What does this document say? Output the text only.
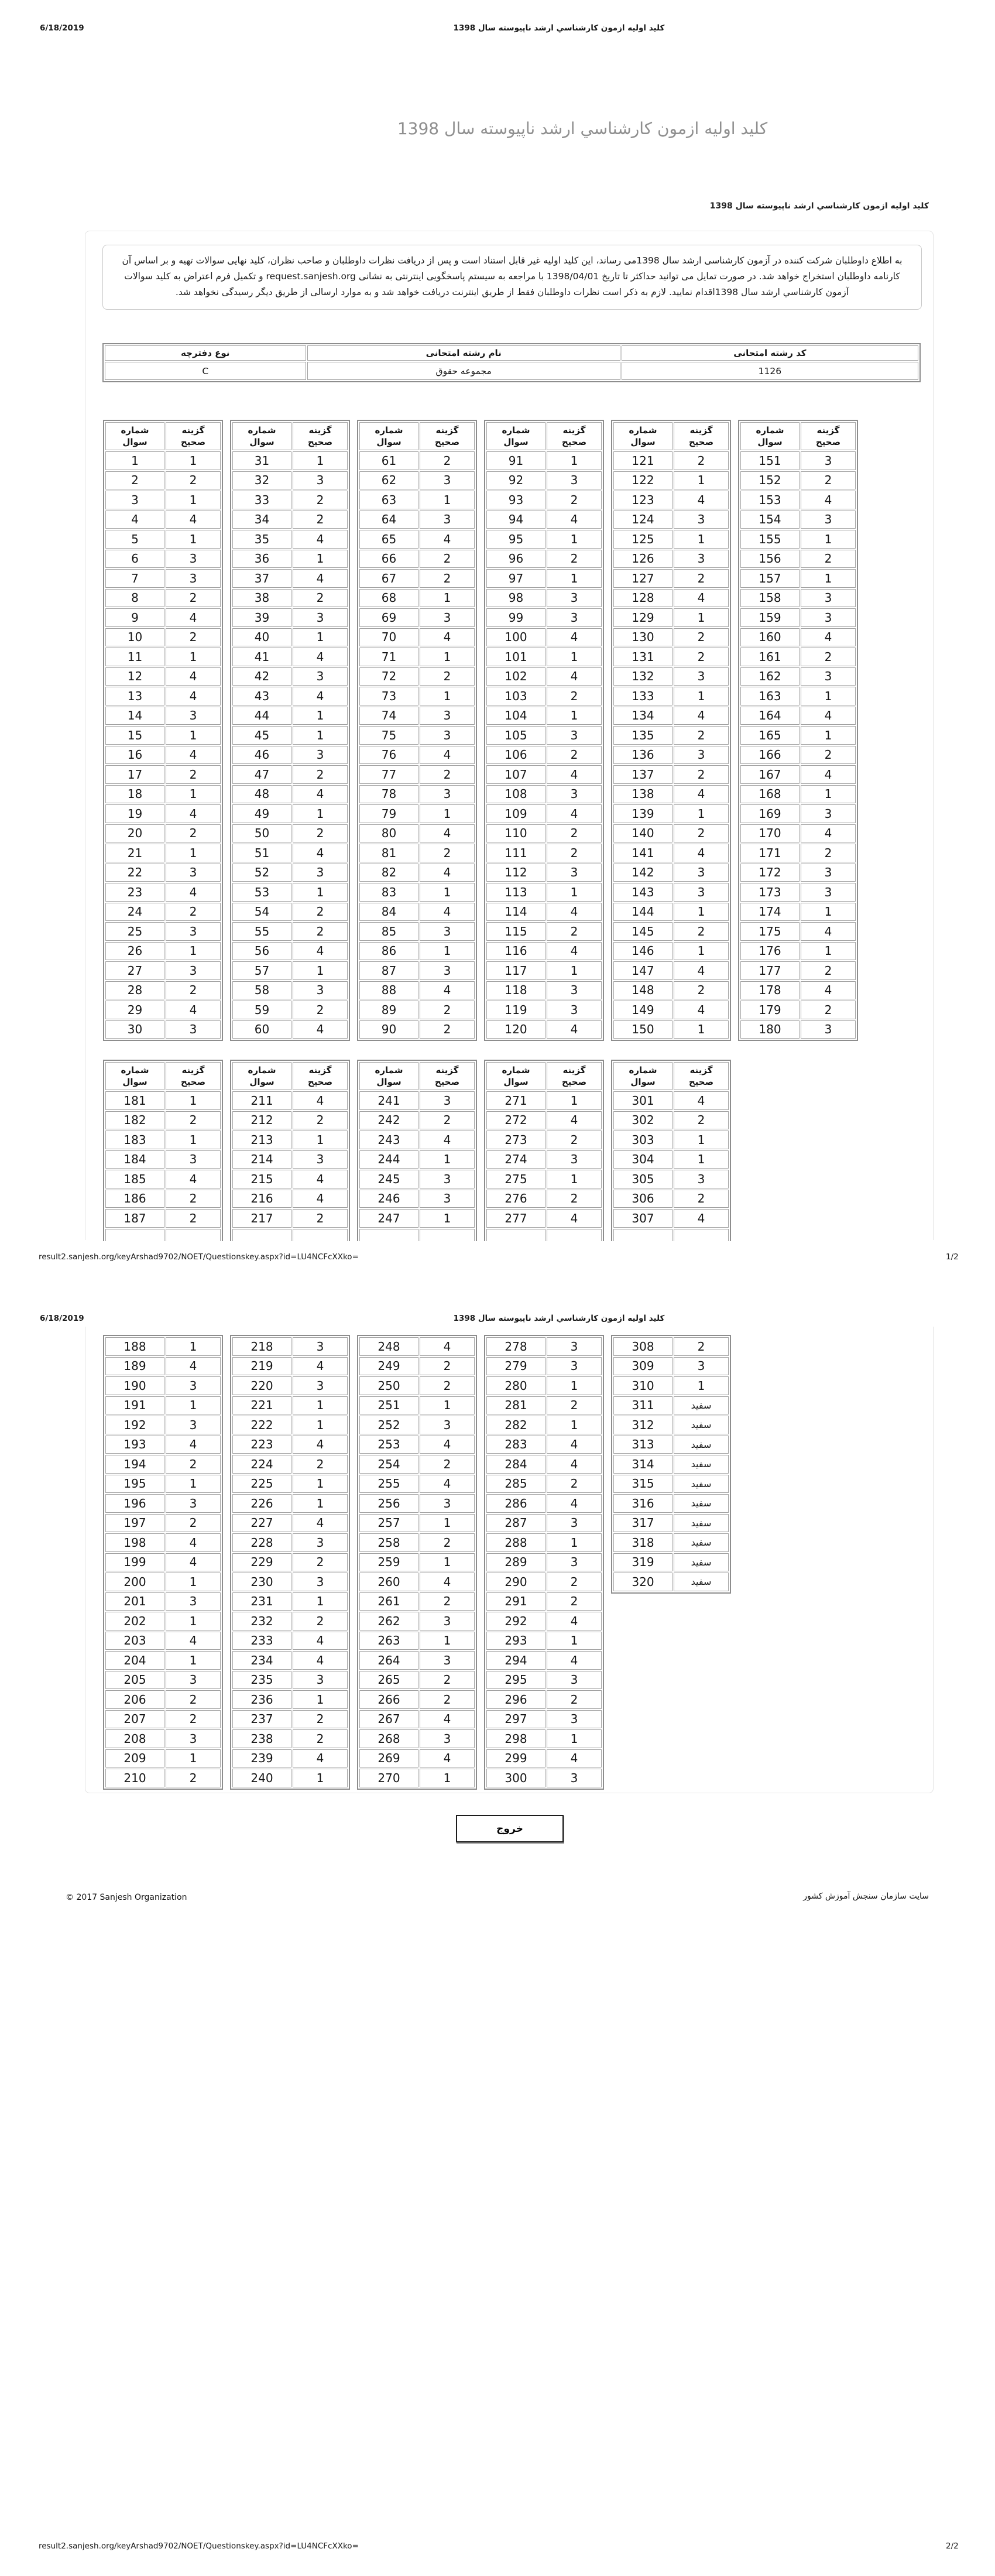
6/18/2019	کلید اولیه ازمون کارشناسي ارشد ناپیوسته سال 1398
کلید اولیه ازمون کارشناسي ارشد ناپیوسته سال 1398
کلید اولیه ازمون کارشناسي ارشد ناپیوسته سال 1398
به اطلاع داوطلبان شرکت کننده در آزمون کارشناسی ارشد سال 1398می رساند، این کلید اولیه غیر قابل استناد است و پس از دریافت نظرات داوطلبان و صاحب نظران، کلید نهایی سوالات تهیه و بر اساس آن کارنامه داوطلبان استخراج خواهد شد. در صورت تمایل می توانید حداکثر تا تاریخ 1398/04/01 با مراجعه به سیستم پاسخگویی اینترنتی به نشانی request.sanjesh.org و تکمیل فرم اعتراض به کلید سوالات آزمون کارشناسي ارشد سال 1398اقدام نمایید. لازم به ذکر است نظرات داوطلبان فقط از طریق اینترنت دریافت خواهد شد و به موارد ارسالی از طریق دیگر رسیدگی نخواهد شد.
کد رشته امتحانی	نام رشته امتحانی	نوع دفترچه
1126	مجموعه حقوق	C
شماره
سوال	گزینه
صحیح
1	1
2	2
3	1
4	4
5	1
6	3
7	3
8	2
9	4
10	2
11	1
12	4
13	4
14	3
15	1
16	4
17	2
18	1
19	4
20	2
21	1
22	3
23	4
24	2
25	3
26	1
27	3
28	2
29	4
30	3
شماره
سوال	گزینه
صحیح
31	1
32	3
33	2
34	2
35	4
36	1
37	4
38	2
39	3
40	1
41	4
42	3
43	4
44	1
45	1
46	3
47	2
48	4
49	1
50	2
51	4
52	3
53	1
54	2
55	2
56	4
57	1
58	3
59	2
60	4
شماره
سوال	گزینه
صحیح
61	2
62	3
63	1
64	3
65	4
66	2
67	2
68	1
69	3
70	4
71	1
72	2
73	1
74	3
75	3
76	4
77	2
78	3
79	1
80	4
81	2
82	4
83	1
84	4
85	3
86	1
87	3
88	4
89	2
90	2
شماره
سوال	گزینه
صحیح
91	1
92	3
93	2
94	4
95	1
96	2
97	1
98	3
99	3
100	4
101	1
102	4
103	2
104	1
105	3
106	2
107	4
108	3
109	4
110	2
111	2
112	3
113	1
114	4
115	2
116	4
117	1
118	3
119	3
120	4
شماره
سوال	گزینه
صحیح
121	2
122	1
123	4
124	3
125	1
126	3
127	2
128	4
129	1
130	2
131	2
132	3
133	1
134	4
135	2
136	3
137	2
138	4
139	1
140	2
141	4
142	3
143	3
144	1
145	2
146	1
147	4
148	2
149	4
150	1
شماره
سوال	گزینه
صحیح
151	3
152	2
153	4
154	3
155	1
156	2
157	1
158	3
159	3
160	4
161	2
162	3
163	1
164	4
165	1
166	2
167	4
168	1
169	3
170	4
171	2
172	3
173	3
174	1
175	4
176	1
177	2
178	4
179	2
180	3
شماره
سوال	گزینه
صحیح
181	1
182	2
183	1
184	3
185	4
186	2
187	2

شماره
سوال	گزینه
صحیح
211	4
212	2
213	1
214	3
215	4
216	4
217	2

شماره
سوال	گزینه
صحیح
241	3
242	2
243	4
244	1
245	3
246	3
247	1

شماره
سوال	گزینه
صحیح
271	1
272	4
273	2
274	3
275	1
276	2
277	4

شماره
سوال	گزینه
صحیح
301	4
302	2
303	1
304	1
305	3
306	2
307	4

result2.sanjesh.org/keyArshad9702/NOET/Questionskey.aspx?id=LU4NCFcXXko=	1/2
6/18/2019	کلید اولیه ازمون کارشناسي ارشد ناپیوسته سال 1398
188	1
189	4
190	3
191	1
192	3
193	4
194	2
195	1
196	3
197	2
198	4
199	4
200	1
201	3
202	1
203	4
204	1
205	3
206	2
207	2
208	3
209	1
210	2
218	3
219	4
220	3
221	1
222	1
223	4
224	2
225	1
226	1
227	4
228	3
229	2
230	3
231	1
232	2
233	4
234	4
235	3
236	1
237	2
238	2
239	4
240	1
248	4
249	2
250	2
251	1
252	3
253	4
254	2
255	4
256	3
257	1
258	2
259	1
260	4
261	2
262	3
263	1
264	3
265	2
266	2
267	4
268	3
269	4
270	1
278	3
279	3
280	1
281	2
282	1
283	4
284	4
285	2
286	4
287	3
288	1
289	3
290	2
291	2
292	4
293	1
294	4
295	3
296	2
297	3
298	1
299	4
300	3
308	2
309	3
310	1
311	سفید
312	سفید
313	سفید
314	سفید
315	سفید
316	سفید
317	سفید
318	سفید
319	سفید
320	سفید
خروج
© 2017 Sanjesh Organization	سایت سازمان سنجش آموزش کشور
result2.sanjesh.org/keyArshad9702/NOET/Questionskey.aspx?id=LU4NCFcXXko=	2/2
